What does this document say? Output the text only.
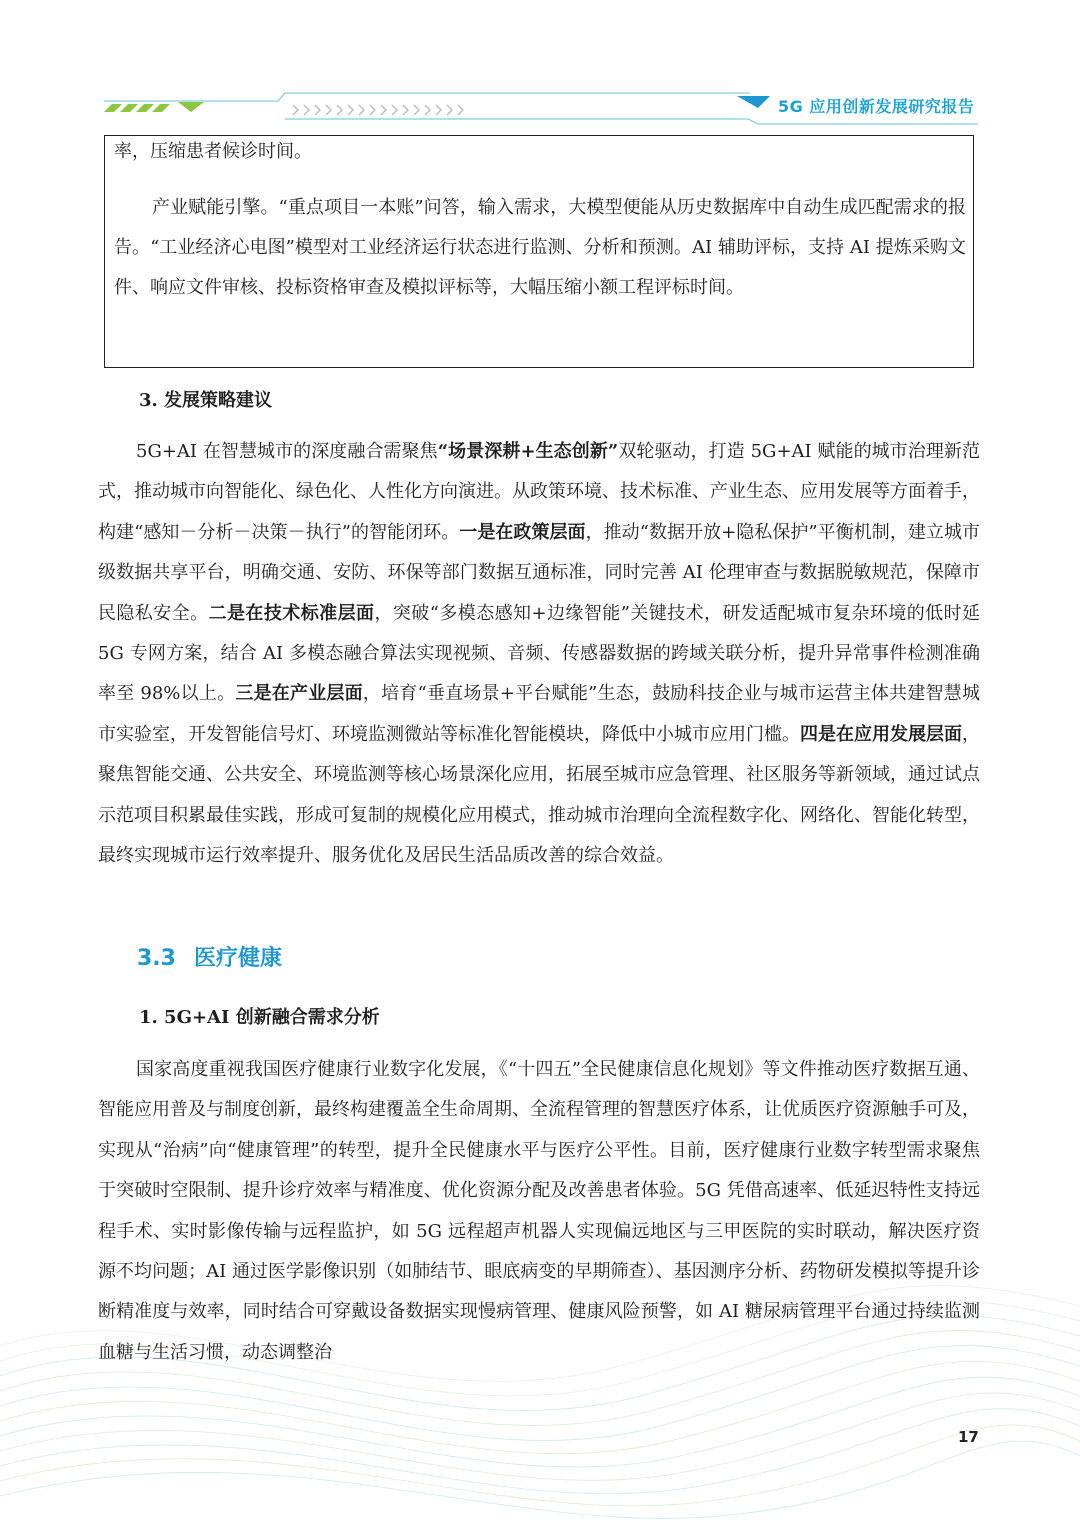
5G 应用创新发展研究报告

率，压缩患者候诊时间。

产业赋能引擎。“重点项目一本账”问答，输入需求，大模型便能从历史数据库中自动生成匹配需求的报告。“工业经济心电图”模型对工业经济运行状态进行监测、分析和预测。AI 辅助评标，支持 AI 提炼采购文件、响应文件审核、投标资格审查及模拟评标等，大幅压缩小额工程评标时间。

3. 发展策略建议

5G+AI 在智慧城市的深度融合需聚焦“场景深耕+生态创新”双轮驱动，打造 5G+AI 赋能的城市治理新范式，推动城市向智能化、绿色化、人性化方向演进。从政策环境、技术标准、产业生态、应用发展等方面着手，构建“感知－分析－决策－执行”的智能闭环。一是在政策层面，推动“数据开放+隐私保护”平衡机制，建立城市级数据共享平台，明确交通、安防、环保等部门数据互通标准，同时完善 AI 伦理审查与数据脱敏规范，保障市民隐私安全。二是在技术标准层面，突破“多模态感知+边缘智能”关键技术，研发适配城市复杂环境的低时延 5G 专网方案，结合 AI 多模态融合算法实现视频、音频、传感器数据的跨域关联分析，提升异常事件检测准确率至 98%以上。三是在产业层面，培育“垂直场景+平台赋能”生态，鼓励科技企业与城市运营主体共建智慧城市实验室，开发智能信号灯、环境监测微站等标准化智能模块，降低中小城市应用门槛。四是在应用发展层面，聚焦智能交通、公共安全、环境监测等核心场景深化应用，拓展至城市应急管理、社区服务等新领域，通过试点示范项目积累最佳实践，形成可复制的规模化应用模式，推动城市治理向全流程数字化、网络化、智能化转型，最终实现城市运行效率提升、服务优化及居民生活品质改善的综合效益。

3.3 医疗健康
1. 5G+AI 创新融合需求分析

国家高度重视我国医疗健康行业数字化发展，《“十四五”全民健康信息化规划》等文件推动医疗数据互通、智能应用普及与制度创新，最终构建覆盖全生命周期、全流程管理的智慧医疗体系，让优质医疗资源触手可及，实现从“治病”向“健康管理”的转型，提升全民健康水平与医疗公平性。目前，医疗健康行业数字转型需求聚焦于突破时空限制、提升诊疗效率与精准度、优化资源分配及改善患者体验。5G 凭借高速率、低延迟特性支持远程手术、实时影像传输与远程监护，如 5G 远程超声机器人实现偏远地区与三甲医院的实时联动，解决医疗资源不均问题；AI 通过医学影像识别（如肺结节、眼底病变的早期筛查）、基因测序分析、药物研发模拟等提升诊断精准度与效率，同时结合可穿戴设备数据实现慢病管理、健康风险预警，如 AI 糖尿病管理平台通过持续监测血糖与生活习惯，动态调整治

17
